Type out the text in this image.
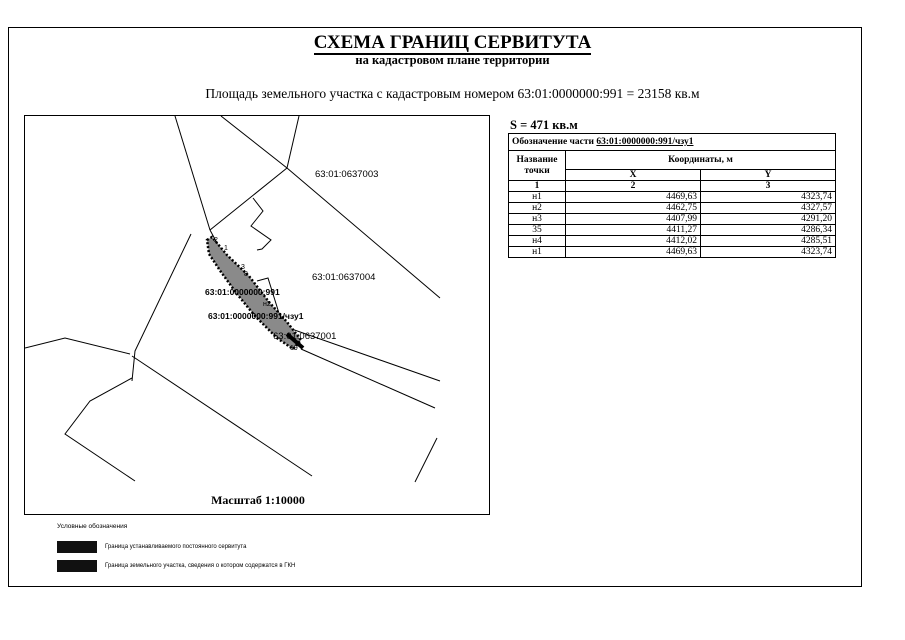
СХЕМА ГРАНИЦ СЕРВИТУТА
на кадастровом плане территории
Площадь земельного участка с кадастровым номером 63:01:0000000:991 = 23158 кв.м
63:01:0637003
63:01:0637004
63:01:0637001
63:01:0000000:991
63:01:0000000:991/чзу1
2
1
3
8
н2
19
Масштаб 1:10000
S = 471 кв.м
Обозначение части 63:01:0000000:991/чзу1		
Название точки	Координаты, м	
	X	Y
1	2	3
н1	4469,63	4323,74
н2	4462,75	4327,57
н3	4407,99	4291,20
35	4411,27	4286,34
н4	4412,02	4285,51
н1	4469,63	4323,74
Условные обозначения
Граница устанавливаемого постоянного сервитута
Граница земельного участка, сведения о котором содержатся в ГКН
